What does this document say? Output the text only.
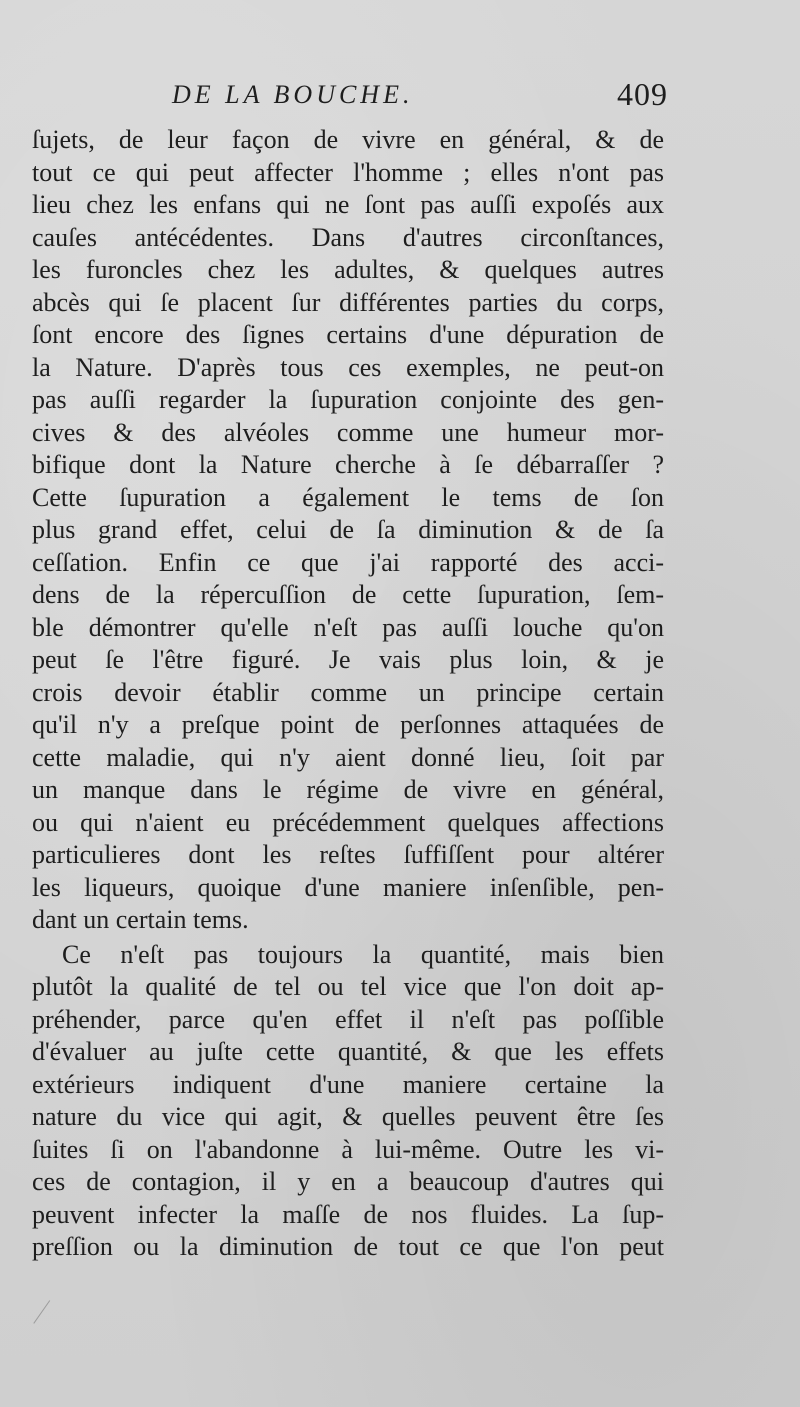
DE LA BOUCHE.	409
ſujets, de leur façon de vivre en général, & de
tout ce qui peut affecter l'homme ; elles n'ont pas
lieu chez les enfans qui ne ſont pas auſſi expoſés aux
cauſes antécédentes. Dans d'autres circonſtances,
les furoncles chez les adultes, & quelques autres
abcès qui ſe placent ſur différentes parties du corps,
ſont encore des ſignes certains d'une dépuration de
la Nature. D'après tous ces exemples, ne peut-on
pas auſſi regarder la ſupuration conjointe des gen-
cives & des alvéoles comme une humeur mor-
bifique dont la Nature cherche à ſe débarraſſer ?
Cette ſupuration a également le tems de ſon
plus grand effet, celui de ſa diminution & de ſa
ceſſation. Enfin ce que j'ai rapporté des acci-
dens de la répercuſſion de cette ſupuration, ſem-
ble démontrer qu'elle n'eſt pas auſſi louche qu'on
peut ſe l'être figuré. Je vais plus loin, & je
crois devoir établir comme un principe certain
qu'il n'y a preſque point de perſonnes attaquées de
cette maladie, qui n'y aient donné lieu, ſoit par
un manque dans le régime de vivre en général,
ou qui n'aient eu précédemment quelques affections
particulieres dont les reſtes ſuffiſſent pour altérer
les liqueurs, quoique d'une maniere inſenſible, pen-
dant un certain tems.
Ce n'eſt pas toujours la quantité, mais bien
plutôt la qualité de tel ou tel vice que l'on doit ap-
préhender, parce qu'en effet il n'eſt pas poſſible
d'évaluer au juſte cette quantité, & que les effets
extérieurs indiquent d'une maniere certaine la
nature du vice qui agit, & quelles peuvent être ſes
ſuites ſi on l'abandonne à lui-même. Outre les vi-
ces de contagion, il y en a beaucoup d'autres qui
peuvent infecter la maſſe de nos fluides. La ſup-
preſſion ou la diminution de tout ce que l'on peut
